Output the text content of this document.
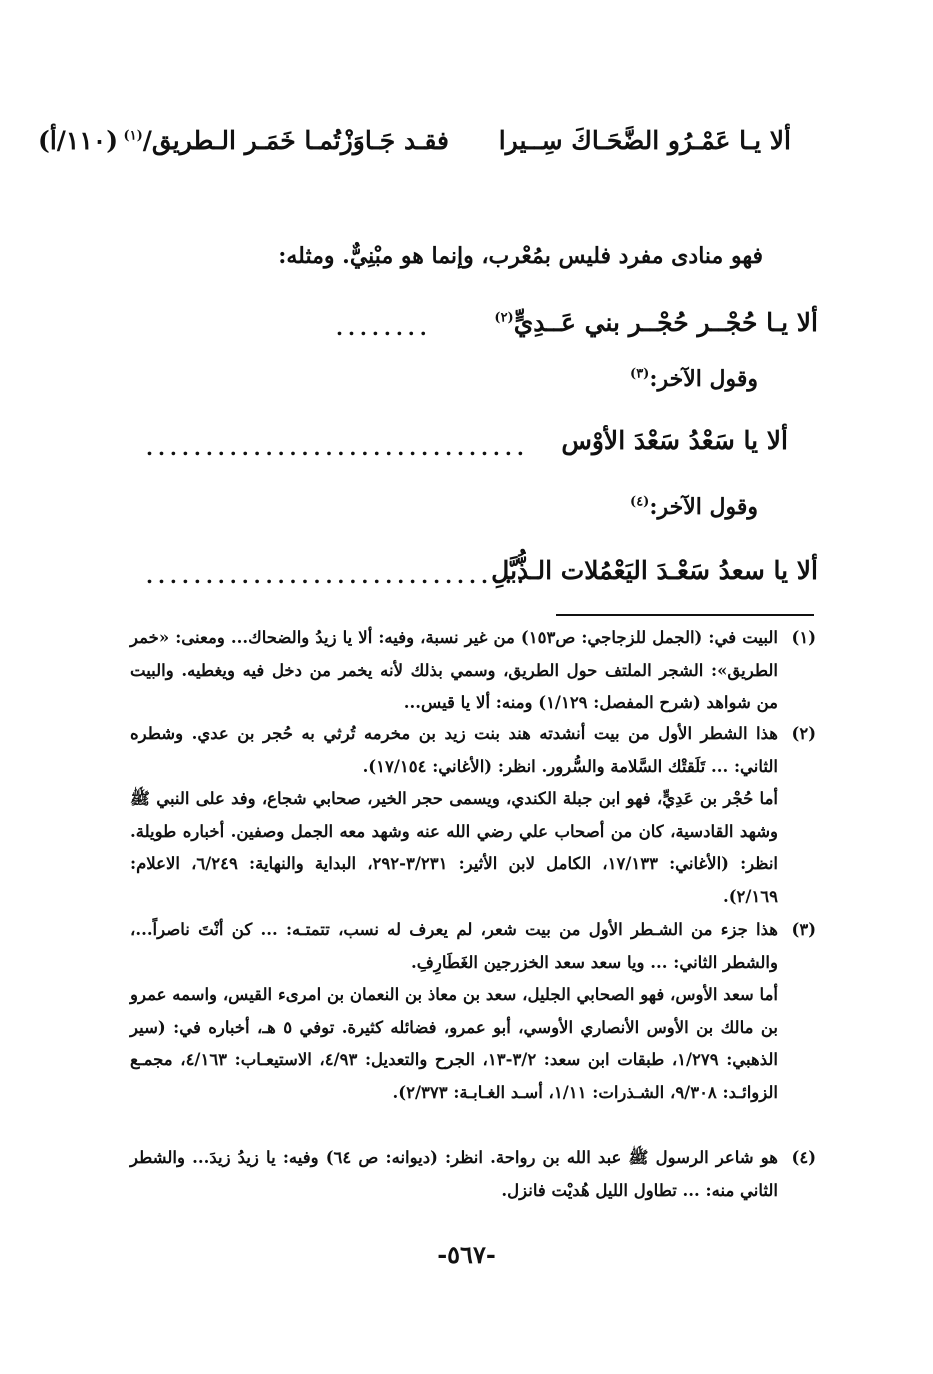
ألا يـا عَمْـرُو الضَّحَـاكَ سِــيرا
فقـد جَـاوَزْتُمـا خَمَـر الـطريق/$^{(١)}$
(١١٠/أ)
فهو منادى مفرد فليس بمُعْرب، وإنما هو مبْنِيٌّ. ومثله:
ألا يـا حُجْــر حُجْــر بني عَــدِيٍّ$^{(٢)}$
........
وقول الآخر:$^{(٣)}$
ألا يا سَعْدُ سَعْدَ الأوْس
................................
وقول الآخر:$^{(٤)}$
ألا يا سعدُ سَعْـدَ اليَعْمُلات الـذُّبَّلِ
................................
(١)
البيت في: (الجمل للزجاجي: ص١٥٣) من غير نسبة، وفيه: ألا يا زيدُ والضحاك... ومعنى: «خمر الطريق»: الشجر الملتف حول الطريق، وسمي بذلك لأنه يخمر من دخل فيه ويغطيه. والبيت من شواهد (شرح المفصل: ١/١٢٩) ومنه: ألا يا قيس...
(٢)
هذا الشطر الأول من بيت أنشدته هند بنت زيد بن مخرمه تُرثي به حُجر بن عدي. وشطره الثاني: ... تَلَقتْك السَّلامة والسُّرور. انظر: (الأغاني: ١٧/١٥٤).
أما حُجْر بن عَدِيٍّ، فهو ابن جبلة الكندي، ويسمى حجر الخير، صحابي شجاع، وفد على النبي ﷺ وشهد القادسية، كان من أصحاب علي رضي الله عنه وشهد معه الجمل وصفين. أخباره طويلة. انظر: (الأغاني: ١٧/١٣٣، الكامل لابن الأثير: ٣/٢٣١-٢٩٢، البداية والنهاية: ٦/٢٤٩، الاعلام: ٢/١٦٩).
(٣)
هذا جزء من الشـطر الأول من بيت شعر، لم يعرف له نسب، تتمتـه: ... كن أنْتَ ناصراً...، والشطر الثاني: ... ويا سعد سعد الخزرجين الغَطَارِفِ.
أما سعد الأوس، فهو الصحابي الجليل، سعد بن معاذ بن النعمان بن امرىء القيس، واسمه عمرو بن مالك بن الأوس الأنصاري الأوسي، أبو عمرو، فضائله كثيرة. توفي ٥ هـ، أخباره في: (سير الذهبي: ١/٢٧٩، طبقات ابن سعد: ٣/٢-١٣، الجرح والتعديل: ٤/٩٣، الاستيعـاب: ٤/١٦٣، مجمـع الزوائـد: ٩/٣٠٨، الشـذرات: ١/١١، أسـد الغـابـة: ٢/٣٧٣).
(٤)
هو شاعر الرسول ﷺ عبد الله بن رواحة. انظر: (ديوانه: ص ٦٤) وفيه: يا زيدُ زيدَ... والشطر الثاني منه: ... تطاول الليل هُديْت فانزل.
-٥٦٧-
